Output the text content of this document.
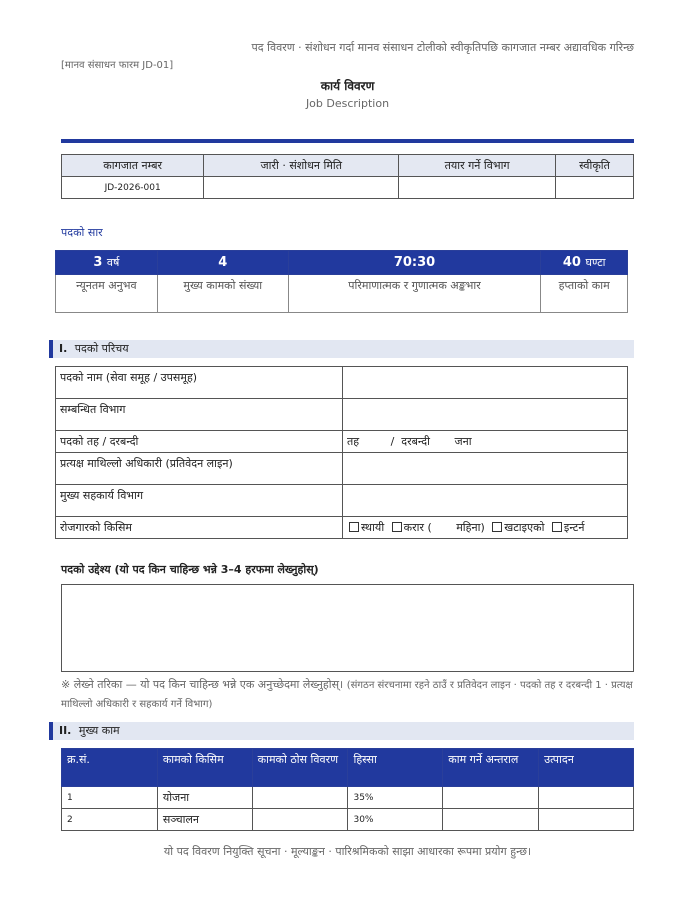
पद विवरण · संशोधन गर्दा मानव संसाधन टोलीको स्वीकृतिपछि कागजात नम्बर अद्यावधिक गरिन्छ
[मानव संसाधन फारम JD-01]
कार्य विवरण
Job Description
कागजात नम्बर	जारी · संशोधन मिति	तयार गर्ने विभाग	स्वीकृति
JD-2026-001			
पदको सार
3 वर्ष	4	70:30	40 घण्टा
न्यूनतम अनुभव	मुख्य कामको संख्या	परिमाणात्मक र गुणात्मक अङ्कभार	हप्ताको काम
I. पदको परिचय
पदको नाम (सेवा समूह / उपसमूह)	
सम्बन्धित विभाग	
पदको तह / दरबन्दी	तह         /  दरबन्दी       जना
प्रत्यक्ष माथिल्लो अधिकारी (प्रतिवेदन लाइन)	
मुख्य सहकार्य विभाग	
रोजगारको किसिम	स्थायी करार (       महिना) खटाइएको इन्टर्न
पदको उद्देश्य (यो पद किन चाहिन्छ भन्ने 3–4 हरफमा लेख्नुहोस्)
※ लेख्ने तरिका — यो पद किन चाहिन्छ भन्ने एक अनुच्छेदमा लेख्नुहोस्। (संगठन संरचनामा रहने ठाउँ र प्रतिवेदन लाइन · पदको तह र दरबन्दी 1 · प्रत्यक्ष माथिल्लो अधिकारी र सहकार्य गर्ने विभाग)
II. मुख्य काम
क्र.सं.	कामको किसिम	कामको ठोस विवरण	हिस्सा	काम गर्ने अन्तराल	उत्पादन
1	योजना		35%		
2	सञ्चालन		30%		
यो पद विवरण नियुक्ति सूचना · मूल्याङ्कन · पारिश्रमिकको साझा आधारका रूपमा प्रयोग हुन्छ।
